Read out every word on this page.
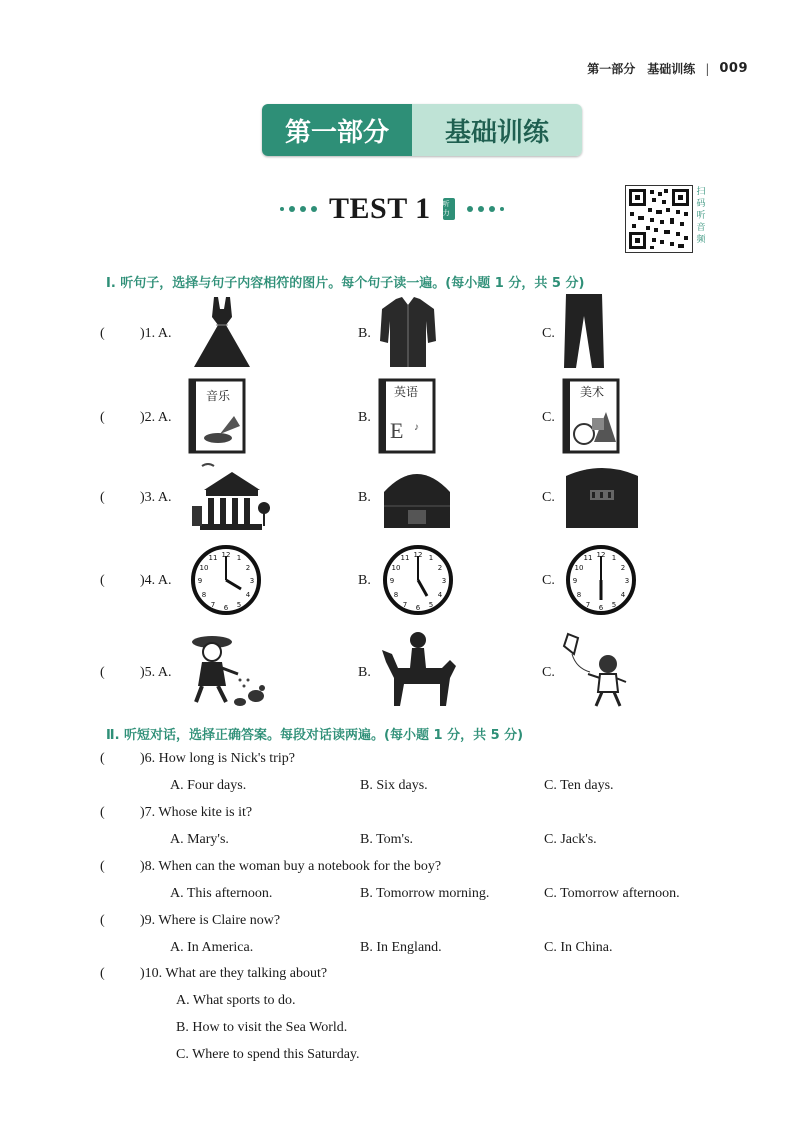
第一部分　基础训练 | 009
第一部分	基础训练
TEST 1 听力
扫码听音频
Ⅰ. 听句子，选择与句子内容相符的图片。每个句子读一遍。(每小题 1 分，共 5 分)
(	)1. A.	B.	C.
(	)2. A.
音乐
B.
英语
E ♪
C.
美术
(	)3. A.	B.	C.
(	)4. A.
12
3
6
9
1
2
4
5
7
8
10
11
B.
12
3
6
9
1
2
4
5
7
8
10
11
C.
12
3
6
9
1
2
4
5
7
8
10
11
(	)5. A.	B.	C.
Ⅱ. 听短对话，选择正确答案。每段对话读两遍。(每小题 1 分，共 5 分)
(	)6. How long is Nick's trip?
A. Four days.	B. Six days.	C. Ten days.
(	)7. Whose kite is it?
A. Mary's.	B. Tom's.	C. Jack's.
(	)8. When can the woman buy a notebook for the boy?
A. This afternoon.	B. Tomorrow morning.	C. Tomorrow afternoon.
(	)9. Where is Claire now?
A. In America.	B. In England.	C. In China.
(	)10. What are they talking about?
A. What sports to do.
B. How to visit the Sea World.
C. Where to spend this Saturday.
